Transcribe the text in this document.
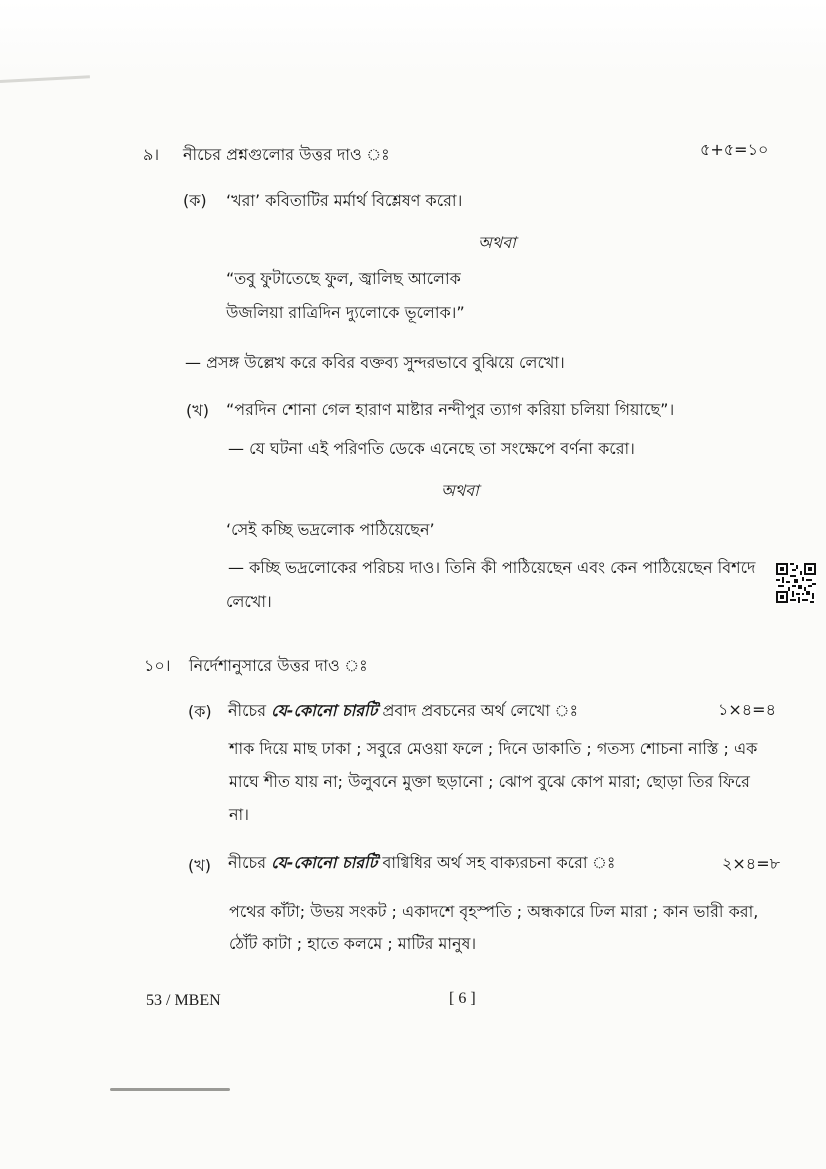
৯। নীচের প্রশ্নগুলোর উত্তর দাও ঃ	৫+৫=১০
(ক) ‘খরা’ কবিতাটির মর্মার্থ বিশ্লেষণ করো।
অথবা
“তবু ফুটাতেছে ফুল, জ্বালিছ আলোক
উজলিয়া রাত্রিদিন দ্যুলোকে ভূলোক।”
— প্রসঙ্গ উল্লেখ করে কবির বক্তব্য সুন্দরভাবে বুঝিয়ে লেখো।
(খ) “পরদিন শোনা গেল হারাণ মাষ্টার নন্দীপুর ত্যাগ করিয়া চলিয়া গিয়াছে”।
— যে ঘটনা এই পরিণতি ডেকে এনেছে তা সংক্ষেপে বর্ণনা করো।
অথবা
‘সেই কচ্ছি ভদ্রলোক পাঠিয়েছেন’
— কচ্ছি ভদ্রলোকের পরিচয় দাও। তিনি কী পাঠিয়েছেন এবং কেন পাঠিয়েছেন বিশদে
লেখো।
১০। নির্দেশানুসারে উত্তর দাও ঃ
(ক) নীচের যে-কোনো চারটি প্রবাদ প্রবচনের অর্থ লেখো ঃ	১×৪=৪
শাক দিয়ে মাছ ঢাকা ; সবুরে মেওয়া ফলে ; দিনে ডাকাতি ; গতস্য শোচনা নাস্তি ; এক
মাঘে শীত যায় না; উলুবনে মুক্তা ছড়ানো ; ঝোপ বুঝে কোপ মারা; ছোড়া তির ফিরে
না।
(খ) নীচের যে-কোনো চারটি বাগ্বিধির অর্থ সহ বাক্যরচনা করো ঃ	২×৪=৮
পথের কাঁটা; উভয় সংকট ; একাদশে বৃহস্পতি ; অন্ধকারে ঢিল মারা ; কান ভারী করা,
ঠোঁট কাটা ; হাতে কলমে ; মাটির মানুষ।
53 / MBEN	[ 6 ]
